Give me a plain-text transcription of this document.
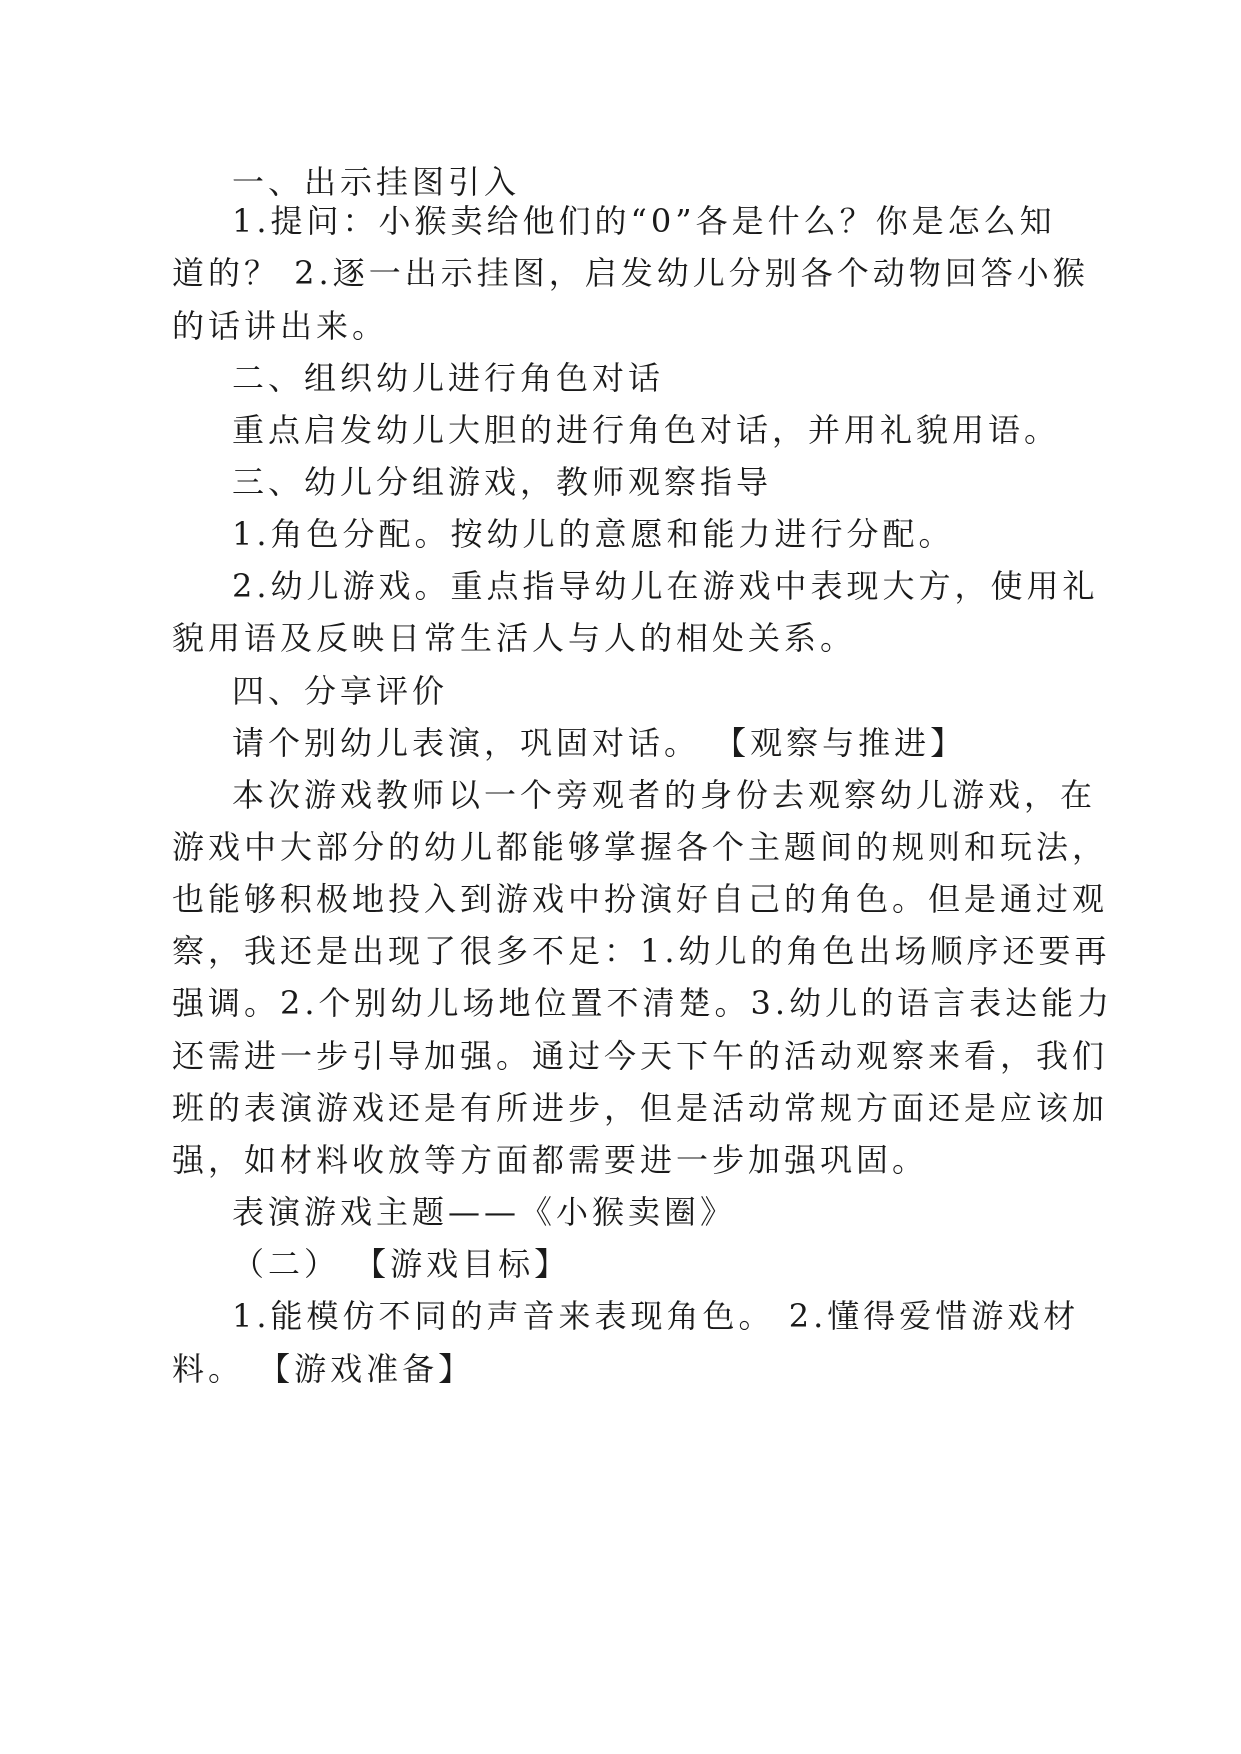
一、出示挂图引入

1.提问：小猴卖给他们的“0”各是什么？你是怎么知

道的？ 2.逐一出示挂图，启发幼儿分别各个动物回答小猴

的话讲出来。

二、组织幼儿进行角色对话

重点启发幼儿大胆的进行角色对话，并用礼貌用语。

三、幼儿分组游戏，教师观察指导

1.角色分配。按幼儿的意愿和能力进行分配。

2.幼儿游戏。重点指导幼儿在游戏中表现大方，使用礼

貌用语及反映日常生活人与人的相处关系。

四、分享评价

请个别幼儿表演，巩固对话。 【观察与推进】

本次游戏教师以一个旁观者的身份去观察幼儿游戏，在

游戏中大部分的幼儿都能够掌握各个主题间的规则和玩法，

也能够积极地投入到游戏中扮演好自己的角色。但是通过观

察，我还是出现了很多不足：1.幼儿的角色出场顺序还要再

强调。2.个别幼儿场地位置不清楚。3.幼儿的语言表达能力

还需进一步引导加强。通过今天下午的活动观察来看，我们

班的表演游戏还是有所进步，但是活动常规方面还是应该加

强，如材料收放等方面都需要进一步加强巩固。

表演游戏主题——《小猴卖圈》

（二） 【游戏目标】

1.能模仿不同的声音来表现角色。 2.懂得爱惜游戏材

料。 【游戏准备】
